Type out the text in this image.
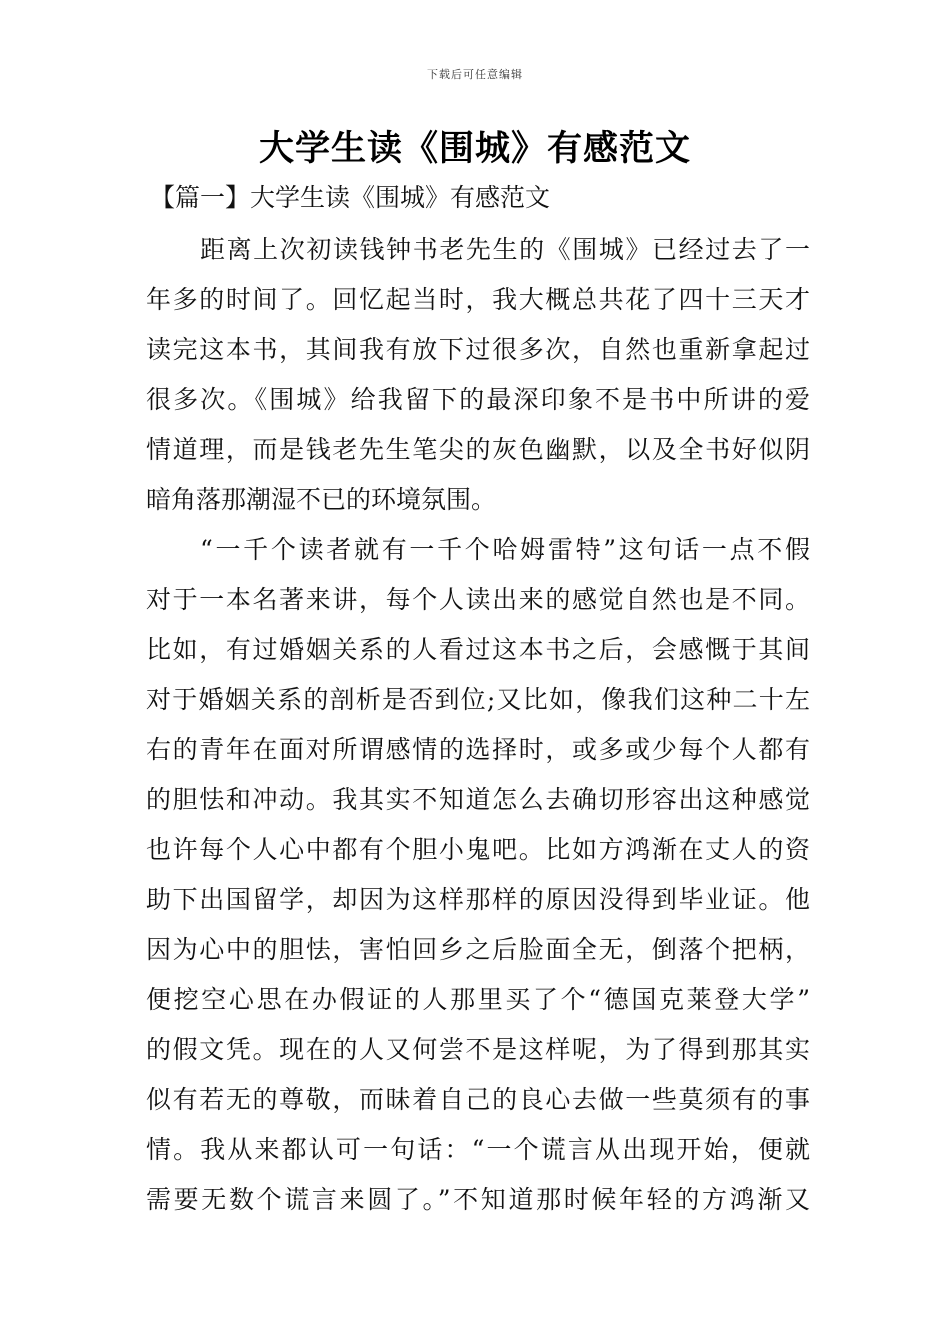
下载后可任意编辑
大学生读《围城》有感范文
【篇一】大学生读《围城》有感范文
距离上次初读钱钟书老先生的《围城》已经过去了一
年多的时间了。回忆起当时，我大概总共花了四十三天才
读完这本书，其间我有放下过很多次，自然也重新拿起过
很多次。《围城》给我留下的最深印象不是书中所讲的爱
情道理，而是钱老先生笔尖的灰色幽默，以及全书好似阴
暗角落那潮湿不已的环境氛围。
“一千个读者就有一千个哈姆雷特”这句话一点不假
对于一本名著来讲，每个人读出来的感觉自然也是不同。
比如，有过婚姻关系的人看过这本书之后，会感慨于其间
对于婚姻关系的剖析是否到位;又比如，像我们这种二十左
右的青年在面对所谓感情的选择时，或多或少每个人都有
的胆怯和冲动。我其实不知道怎么去确切形容出这种感觉
也许每个人心中都有个胆小鬼吧。比如方鸿渐在丈人的资
助下出国留学，却因为这样那样的原因没得到毕业证。他
因为心中的胆怯，害怕回乡之后脸面全无，倒落个把柄，
便挖空心思在办假证的人那里买了个“德国克莱登大学”
的假文凭。现在的人又何尝不是这样呢，为了得到那其实
似有若无的尊敬，而昧着自己的良心去做一些莫须有的事
情。我从来都认可一句话：“一个谎言从出现开始，便就
需要无数个谎言来圆了。”不知道那时候年轻的方鸿渐又
